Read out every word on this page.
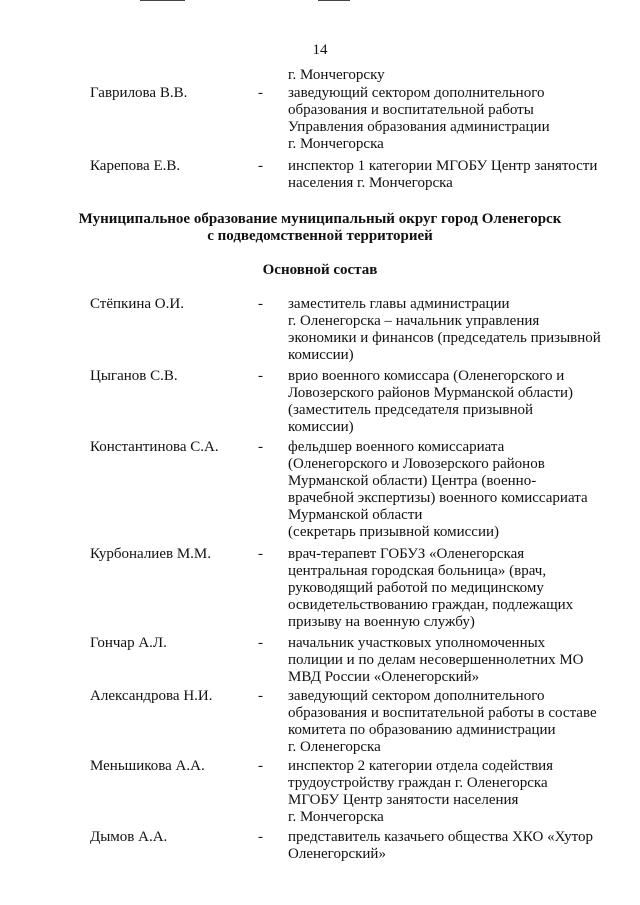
14
г. Мончегорску
Гаврилова В.В.	- заведующий сектором дополнительного
образования и воспитательной работы
Управления образования администрации
г. Мончегорска
Карепова Е.В.	- инспектор 1 категории МГОБУ Центр занятости
населения г. Мончегорска
Муниципальное образование муниципальный округ город Оленегорск
с подведомственной территорией
Основной состав
Стёпкина О.И.	- заместитель главы администрации
г. Оленегорска – начальник управления
экономики и финансов (председатель призывной
комиссии)
Цыганов С.В.	- врио военного комиссара (Оленегорского и
Ловозерского районов Мурманской области)
(заместитель председателя призывной
комиссии)
Константинова С.А.	- фельдшер военного комиссариата
(Оленегорского и Ловозерского районов
Мурманской области) Центра (военно-
врачебной экспертизы) военного комиссариата
Мурманской области
(секретарь призывной комиссии)
Курбоналиев М.М.	- врач-терапевт ГОБУЗ «Оленегорская
центральная городская больница» (врач,
руководящий работой по медицинскому
освидетельствованию граждан, подлежащих
призыву на военную службу)
Гончар А.Л.	- начальник участковых уполномоченных
полиции и по делам несовершеннолетних МО
МВД России «Оленегорский»
Александрова Н.И.	- заведующий сектором дополнительного
образования и воспитательной работы в составе
комитета по образованию администрации
г. Оленегорска
Меньшикова А.А.	- инспектор 2 категории отдела содействия
трудоустройству граждан г. Оленегорска
МГОБУ Центр занятости населения
г. Мончегорска
Дымов А.А.	- представитель казачьего общества ХКО «Хутор
Оленегорский»
